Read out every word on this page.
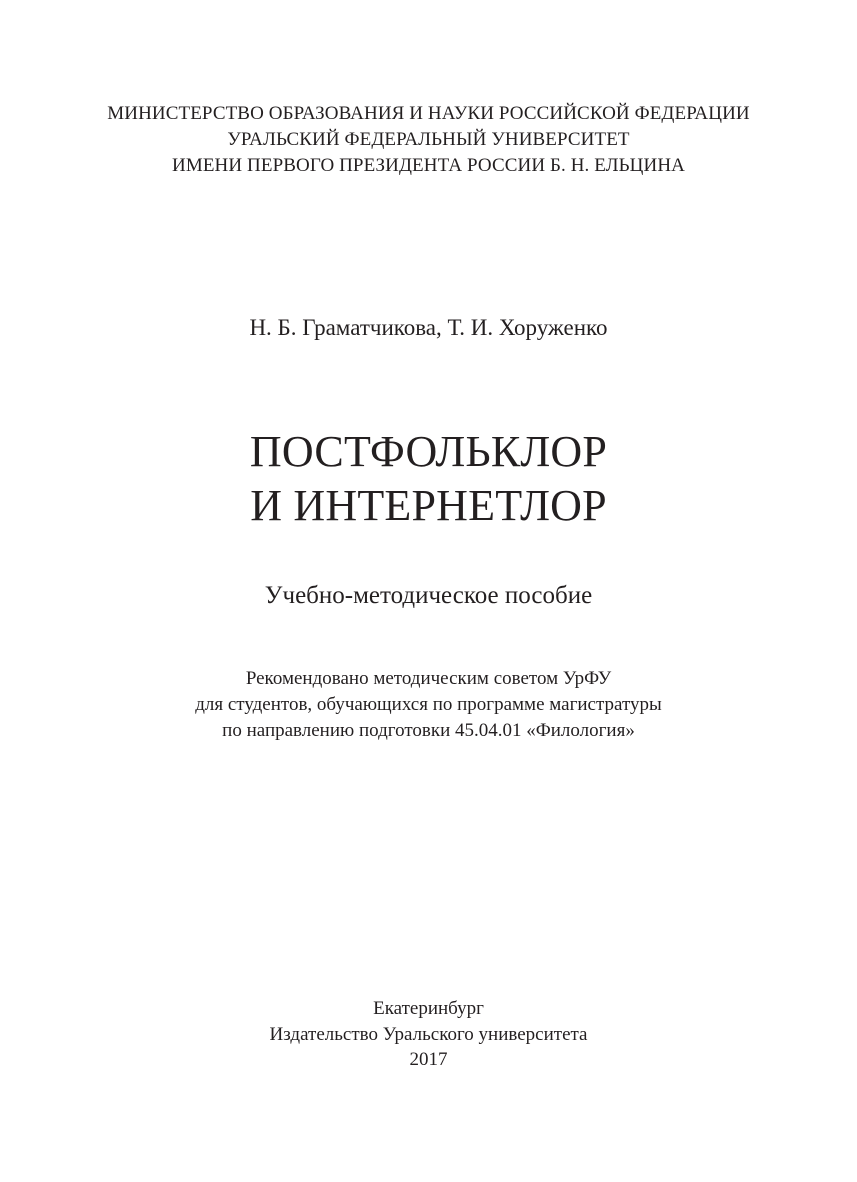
МИНИСТЕРСТВО ОБРАЗОВАНИЯ И НАУКИ РОССИЙСКОЙ ФЕДЕРАЦИИ
УРАЛЬСКИЙ ФЕДЕРАЛЬНЫЙ УНИВЕРСИТЕТ
ИМЕНИ ПЕРВОГО ПРЕЗИДЕНТА РОССИИ Б. Н. ЕЛЬЦИНА
Н. Б. Граматчикова, Т. И. Хоруженко
ПОСТФОЛЬКЛОР
И ИНТЕРНЕТЛОР
Учебно-методическое пособие
Рекомендовано методическим советом УрФУ
для студентов, обучающихся по программе магистратуры
по направлению подготовки 45.04.01 «Филология»
Екатеринбург
Издательство Уральского университета
2017
